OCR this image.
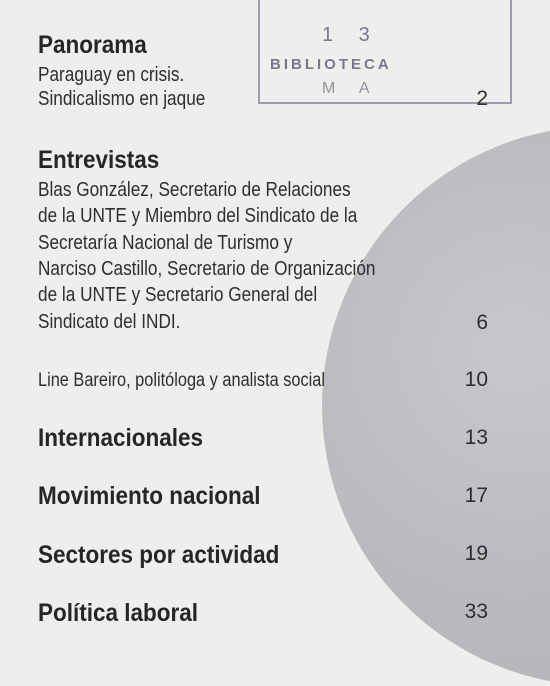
1 3
BIBLIOTECA
M A
Panorama
Paraguay en crisis.
Sindicalismo en jaque	2
Entrevistas
Blas González, Secretario de Relaciones
de la UNTE y Miembro del Sindicato de la
Secretaría Nacional de Turismo y
Narciso Castillo, Secretario de Organización
de la UNTE y Secretario General del
Sindicato del INDI.	6
Line Bareiro, politóloga y analista social	10
Internacionales	13
Movimiento nacional	17
Sectores por actividad	19
Política laboral	33
